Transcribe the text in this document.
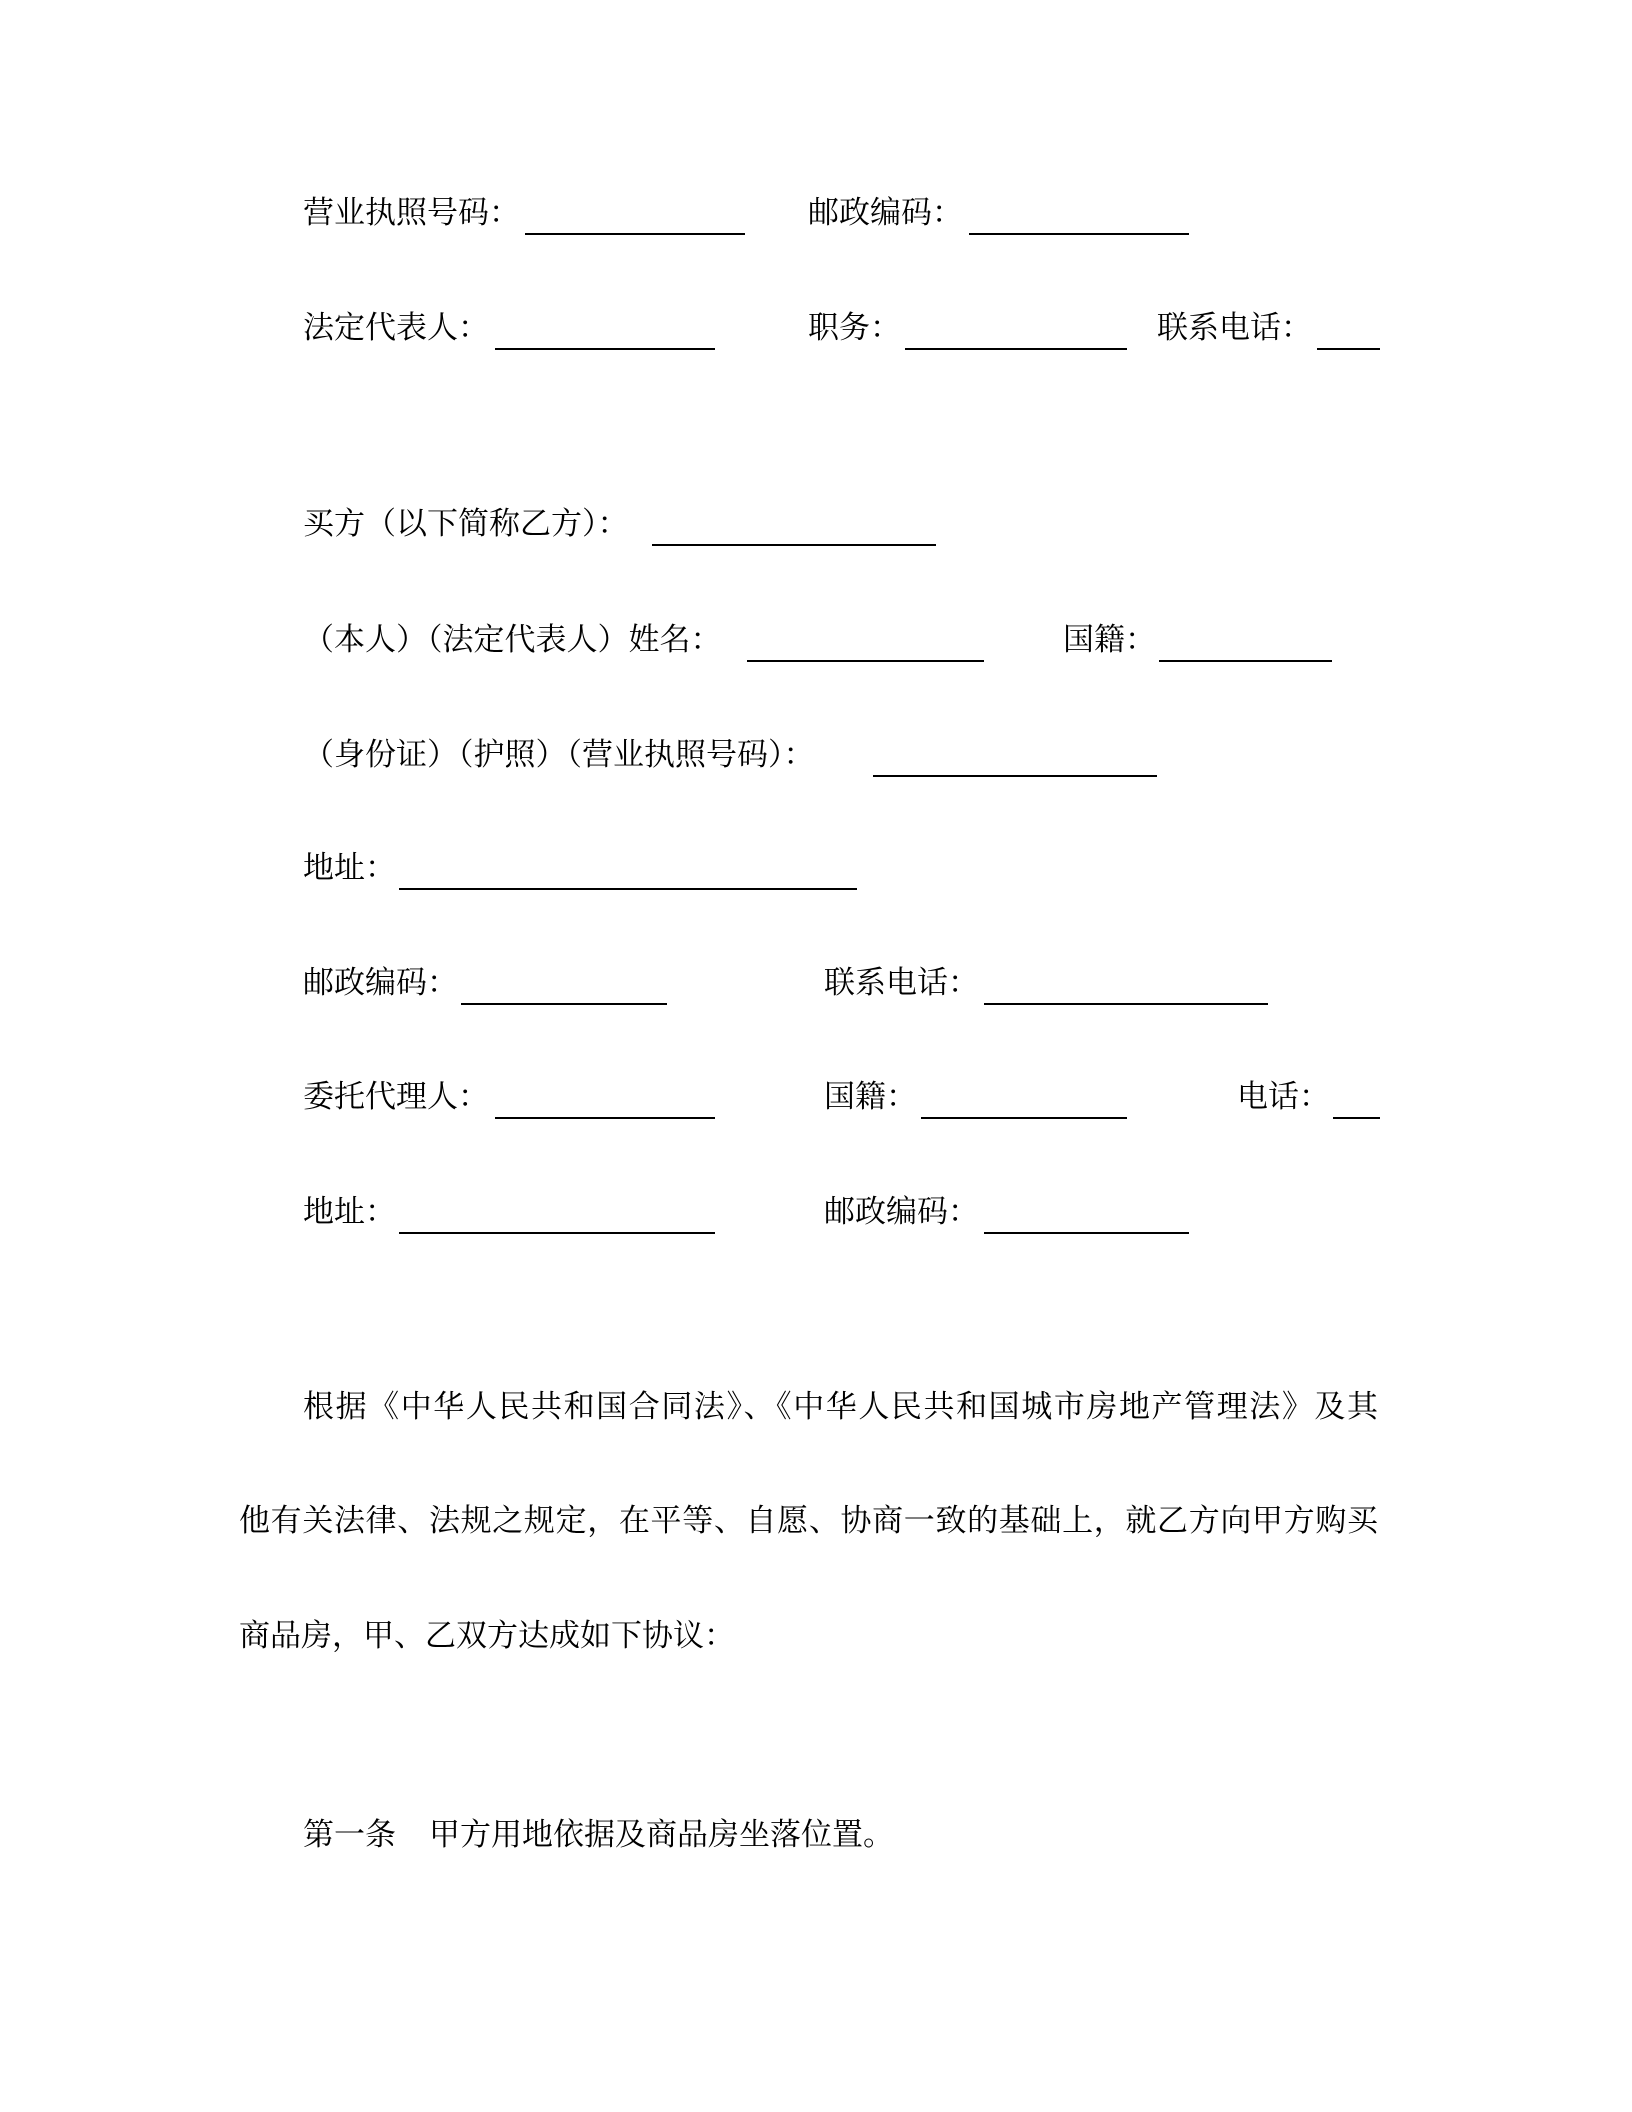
营业执照号码：	邮政编码：
法定代表人：	职务：	联系电话：
买方（以下简称乙方）：
（本人）（法定代表人）姓名：	国籍：
（身份证）（护照）（营业执照号码）：
地址：
邮政编码：	联系电话：
委托代理人：	国籍：	电话：
地址：	邮政编码：
根据《中华人民共和国合同法》、《中华人民共和国城市房地产管理法》及其
他有关法律、法规之规定，在平等、自愿、协商一致的基础上，就乙方向甲方购买
商品房，甲、乙双方达成如下协议：
第一条 甲方用地依据及商品房坐落位置。
